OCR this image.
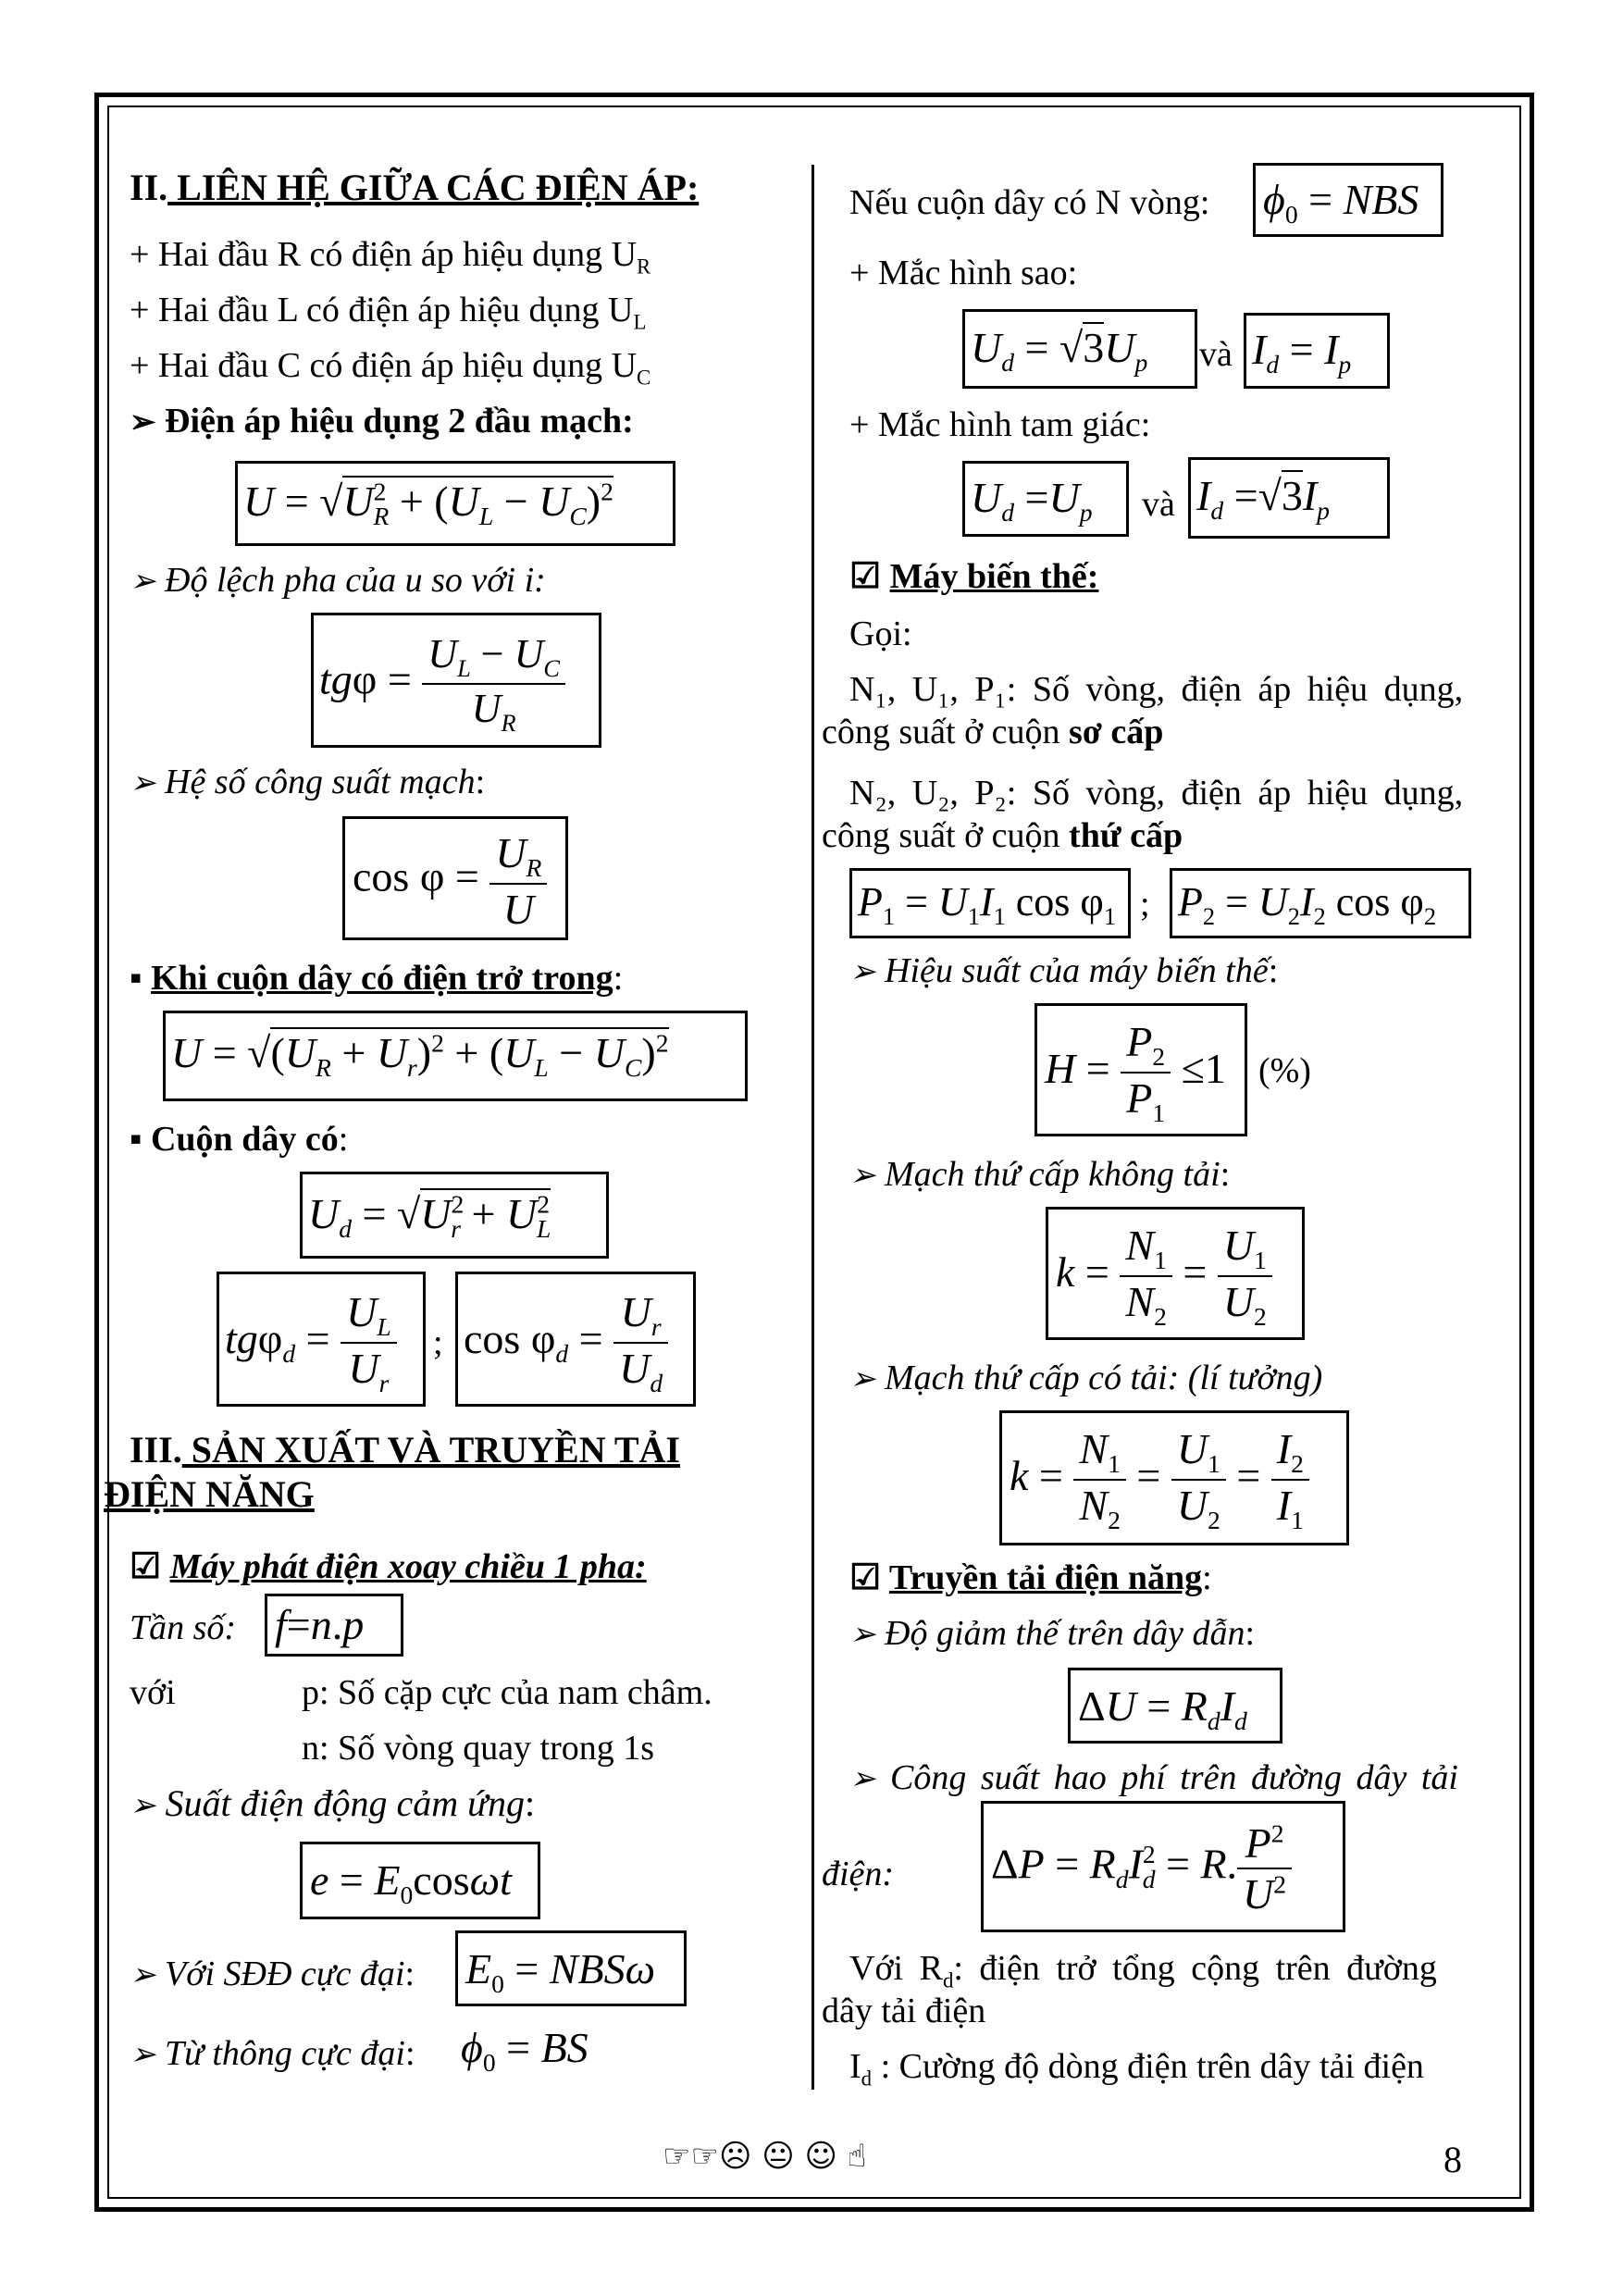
II. LIÊN HỆ GIỮA CÁC ĐIỆN ÁP:
+ Hai đầu R có điện áp hiệu dụng $U_R$
+ Hai đầu L có điện áp hiệu dụng $U_L$
+ Hai đầu C có điện áp hiệu dụng $U_C$
➢ Điện áp hiệu dụng 2 đầu mạch:
$U = √U^2_R + (U_L - U_C)^2$
➢ Độ lệch pha của u so với i:
$tg\varphi = \frac{U_L - U_C}{U_R}$
➢ Hệ số công suất mạch:
$\cos \varphi = \frac{U_R}{U}$
▪ Khi cuộn dây có điện trở trong:
$U = √(U_R + U_r)^2 + (U_L - U_C)^2$
▪ Cuộn dây có:
$U_d = √U^2_r + U^2_L$
$tg\varphi_d = \frac{U_L}{U_r}$ ; $\cos \varphi_d = \frac{U_r}{U_d}$
III. SẢN XUẤT VÀ TRUYỀN TẢI
ĐIỆN NĂNG
☑ Máy phát điện xoay chiều 1 pha:
Tần số: f=n.p
với	p: Số cặp cực của nam châm.
n: Số vòng quay trong 1s
➢ Suất điện động cảm ứng:
$e = E_0\cos\omega t$
➢ Với SĐĐ cực đại: $E_0 = NBS\omega$
➢ Từ thông cực đại: $\phi_0$ = BS
Nếu cuộn dây có N vòng: $\phi_0$ = NBS
+ Mắc hình sao:
$U_d = √3U_p$ và $I_d = I_p$
+ Mắc hình tam giác:
$U_d =U_p$ và $I_d =√3I_p$
☑ Máy biến thế:
Gọi:
N₁, U₁, P₁: Số vòng, điện áp hiệu dụng,
công suất ở cuộn sơ cấp
N₂, U₂, P₂: Số vòng, điện áp hiệu dụng,
công suất ở cuộn thứ cấp
$P_1 = U_1I_1$ $\cos \varphi_1$ ; $P_2 = U_2I_2$ $\cos \varphi_2$
➢ Hiệu suất của máy biến thế:
$H = \frac{P_2}{P_1} \le 1$ (%)
➢ Mạch thứ cấp không tải:
$k = \frac{N_1}{N_2} = \frac{U_1}{U_2}$
➢ Mạch thứ cấp có tải: (lí tưởng)
$k = \frac{N_1}{N_2} = \frac{U_1}{U_2} = \frac{I_2}{I_1}$
☑ Truyền tải điện năng:
➢ Độ giảm thế trên dây dẫn:
$\Delta U = R_dI_d$
➢ Công suất hao phí trên đường dây tải
điện: $\Delta P = R_dI^2_d = R$. $\frac{P^2}{U^2}$
Với $R_d$: điện trở tổng cộng trên đường
dây tải điện
$I_d$ : Cường độ dòng điện trên dây tải điện
☞☞☹ 😐 ☺ ☝	8
